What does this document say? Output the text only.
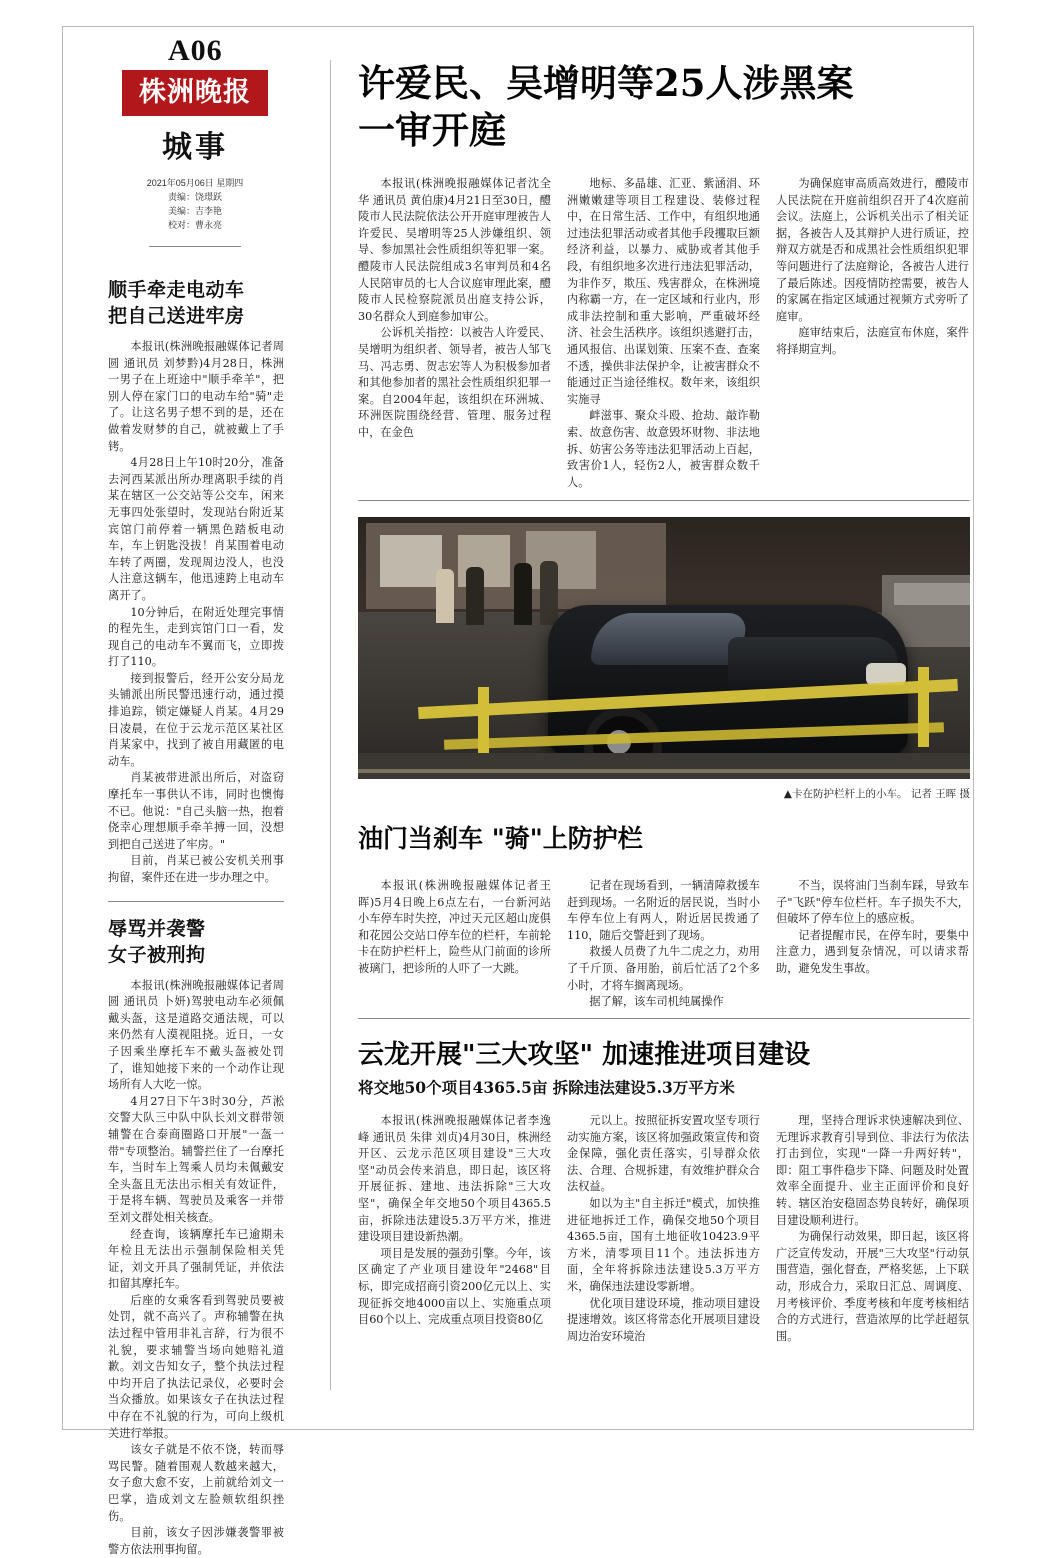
A06
株洲晚报
城事
2021年05月06日 星期四
责编：饶璟跃
美编：吉李艳
校对：曹永亮
顺手牵走电动车
把自己送进牢房

本报讯(株洲晚报融媒体记者周圆 通讯员 刘梦黔)4月28日，株洲一男子在上班途中"顺手牵羊"，把别人停在家门口的电动车给"骑"走了。让这名男子想不到的是，还在做着发财梦的自己，就被戴上了手铐。

4月28日上午10时20分，准备去河西某派出所办理离职手续的肖某在辖区一公交站等公交车，闲来无事四处张望时，发现站台附近某宾馆门前停着一辆黑色踏板电动车，车上钥匙没拔！肖某围着电动车转了两圈，发现周边没人，也没人注意这辆车，他迅速跨上电动车离开了。

10分钟后，在附近处理完事情的程先生，走到宾馆门口一看，发现自己的电动车不翼而飞，立即拨打了110。

接到报警后，经开公安分局龙头铺派出所民警迅速行动，通过摸排追踪，锁定嫌疑人肖某。4月29日凌晨，在位于云龙示范区某社区肖某家中，找到了被自用藏匿的电动车。

肖某被带进派出所后，对盗窃摩托车一事供认不讳，同时也懊悔不已。他说："自己头脑一热，抱着侥幸心理想顺手牵羊搏一回，没想到把自己送进了牢房。"

目前，肖某已被公安机关刑事拘留，案件还在进一步办理之中。

辱骂并袭警
女子被刑拘

本报讯(株洲晚报融媒体记者周圆 通讯员 卜妍)驾驶电动车必须佩戴头盔，这是道路交通法规，可以来仍然有人漠视阻挠。近日，一女子因乘坐摩托车不戴头盔被处罚了，谁知她接下来的一个动作让现场所有人大吃一惊。

4月27日下午3时30分，芦淞交警大队三中队中队长刘文群带领辅警在合泰商圈路口开展"一盔一带"专项整治。辅警拦住了一台摩托车，当时车上驾乘人员均未佩戴安全头盔且无法出示相关有效证件，于是将车辆、驾驶员及乘客一并带至刘文群处相关核查。

经查询，该辆摩托车已逾期未年检且无法出示强制保险相关凭证，刘文开具了强制凭证，并依法扣留其摩托车。

后座的女乘客看到驾驶员要被处罚，就不高兴了。声称辅警在执法过程中管用非礼言辞，行为很不礼貌，要求辅警当场向她赔礼道歉。刘文告知女子，整个执法过程中均开启了执法记录仪，必要时会当众播放。如果该女子在执法过程中存在不礼貌的行为，可向上级机关进行举报。

该女子就是不依不饶，转而辱骂民警。随着围观人数越来越大，女子愈大愈不安，上前就给刘文一巴掌，造成刘文左脸颊软组织挫伤。

目前，该女子因涉嫌袭警罪被警方依法刑事拘留。

许爱民、吴增明等25人涉黑案
一审开庭

本报讯(株洲晚报融媒体记者沈全华 通讯员 黄伯康)4月21日至30日，醴陵市人民法院依法公开开庭审理被告人许爱民、吴增明等25人涉嫌组织、领导、参加黑社会性质组织等犯罪一案。醴陵市人民法院组成3名审判员和4名人民陪审员的七人合议庭审理此案，醴陵市人民检察院派员出庭支持公诉，30名群众人到庭参加审公。

公诉机关指控：以被告人许爱民、吴增明为组织者、领导者，被告人邹飞马、冯志勇、贺志宏等人为积极参加者和其他参加者的黑社会性质组织犯罪一案。自2004年起，该组织在环洲城、环洲医院围绕经营、管理、服务过程中，在金色

地标、多晶雄、汇亚、紫涵涓、环洲嫩嫩建等项目工程建设、装修过程中，在日常生活、工作中，有组织地通过违法犯罪活动或者其他手段攫取巨额经济利益，以暴力、威胁或者其他手段，有组织地多次进行违法犯罪活动，为非作歹，欺压、残害群众，在株洲境内称霸一方，在一定区域和行业内，形成非法控制和重大影响，严重破坏经济、社会生活秩序。该组织逃避打击，通风报信、出谋划策、压案不查、查案不透，操供非法保护伞，让被害群众不能通过正当途径维权。数年来，该组织实施寻

衅滋事、聚众斗殴、抢劫、敲诈勒索、故意伤害、故意毁坏财物、非法地拆、妨害公务等违法犯罪活动上百起，致害价1人，轻伤2人，被害群众数千人。

为确保庭审高质高效进行，醴陵市人民法院在开庭前组织召开了4次庭前会议。法庭上，公诉机关出示了相关证据，各被告人及其辩护人进行质证，控辩双方就是否和成黑社会性质组织犯罪等问题进行了法庭辩论，各被告人进行了最后陈述。因疫情防控需要，被告人的家属在指定区域通过视频方式旁听了庭审。

庭审结束后，法庭宣布休庭，案件将择期宣判。

▲卡在防护栏杆上的小车。 记者 王晖 摄
油门当刹车 "骑"上防护栏

本报讯(株洲晚报融媒体记者王晖)5月4日晚上6点左右，一台新河站小车停车时失控，冲过天元区超山庞俱和花园公交站口停车位的栏杆，车前轮卡在防护栏杆上，险些从门前面的诊所被璃门，把诊所的人吓了一大跳。

记者在现场看到，一辆清障救援车赶到现场。一名附近的居民说，当时小车停车位上有两人，附近居民拨通了110，随后交警赶到了现场。

救援人员费了九牛二虎之力，劝用了千斤顶、备用胎，前后忙活了2个多小时，才将车搁离现场。

据了解，该车司机纯属操作

不当，误将油门当刹车踩，导致车子"飞跃"停车位栏杆。车子损失不大，但破坏了停车位上的感应板。

记者提醒市民，在停车时，要集中注意力，遇到复杂情况，可以请求帮助，避免发生事故。

云龙开展"三大攻坚" 加速推进项目建设
将交地50个项目4365.5亩 拆除违法建设5.3万平方米

本报讯(株洲晚报融媒体记者李逸峰 通讯员 朱律 刘贞)4月30日，株洲经开区、云龙示范区项目建设"三大攻坚"动员会传来消息，即日起，该区将开展征拆、建地、违法拆除"三大攻坚"，确保全年交地50个项目4365.5亩，拆除违法建设5.3万平方米，推进建设项目建设新热潮。

项目是发展的强劲引擎。今年，该区确定了产业项目建设年"2468"目标，即完成招商引资200亿元以上、实现征拆交地4000亩以上、实施重点项目60个以上、完成重点项目投资80亿

元以上。按照征拆安置攻坚专项行动实施方案，该区将加强政策宣传和资金保障，强化责任落实，引导群众依法、合理、合规拆建，有效维护群众合法权益。

如以为主"自主拆迁"模式，加快推进征地拆迁工作，确保交地50个项目4365.5亩，国有土地征收10423.9平方米，清零项目11个。违法拆违方面，全年将拆除违法建设5.3万平方米，确保违法建设零新增。

优化项目建设环境，推动项目建设提速增效。该区将常态化开展项目建设周边治安环境治

理，坚持合理诉求快速解决到位、无理诉求教育引导到位、非法行为依法打击到位，实现"一降一升两好转"，即：阻工事件稳步下降、问题及时处置效率全面提升、业主正面评价和良好转、辖区治安稳固态势良转好，确保项目建设顺利进行。

为确保行动效果，即日起，该区将广泛宣传发动，开展"三大攻坚"行动氛围营造，强化督查，严格奖惩，上下联动，形成合力，采取日汇总、周调度、月考核评价、季度考核和年度考核相结合的方式进行，营造浓厚的比学赶超氛围。
